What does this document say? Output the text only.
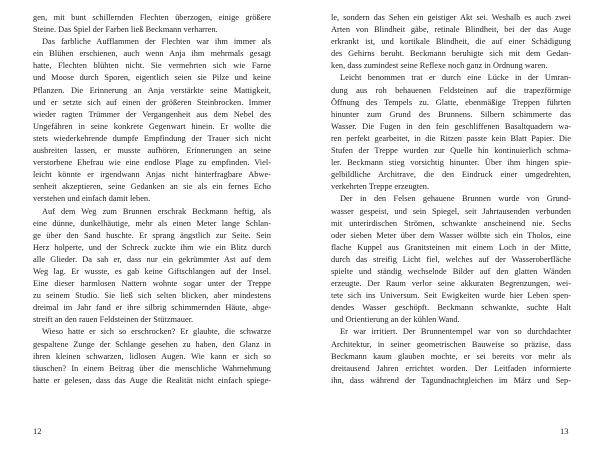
gen, mit bunt schillernden Flechten überzogen, einige größere
Steine. Das Spiel der Farben ließ Beckmann verharren.
Das farbliche Aufflammen der Flechten war ihm immer als
ein Blühen erschienen, auch wenn Anja ihm mehrmals gesagt
hatte, Flechten blühten nicht. Sie vermehrten sich wie Farne
und Moose durch Sporen, eigentlich seien sie Pilze und keine
Pflanzen. Die Erinnerung an Anja verstärkte seine Mattigkeit,
und er setzte sich auf einen der größeren Steinbrocken. Immer
wieder ragten Trümmer der Vergangenheit aus dem Nebel des
Ungefähren in seine konkrete Gegenwart hinein. Er wollte die
stets wiederkehrende dumpfe Empfindung der Trauer sich nicht
ausbreiten lassen, er musste aufhören, Erinnerungen an seine
verstorbene Ehefrau wie eine endlose Plage zu empfinden. Viel-
leicht könnte er irgendwann Anjas nicht hinterfragbare Abwe-
senheit akzeptieren, seine Gedanken an sie als ein fernes Echo
verstehen und einfach damit leben.
Auf dem Weg zum Brunnen erschrak Beckmann heftig, als
eine dünne, dunkelhäutige, mehr als einen Meter lange Schlan-
ge über den Sand huschte. Er sprang ängstlich zur Seite. Sein
Herz holperte, und der Schreck zuckte ihm wie ein Blitz durch
alle Glieder. Da sah er, dass nur ein gekrümmter Ast auf dem
Weg lag. Er wusste, es gab keine Giftschlangen auf der Insel.
Eine dieser harmlosen Nattern wohnte sogar unter der Treppe
zu seinem Studio. Sie ließ sich selten blicken, aber mindestens
dreimal im Jahr fand er ihre silbrig schimmernden Häute, abge-
streift an den rauen Feldsteinen der Stützmauer.
Wieso hatte er sich so erschrocken? Er glaubte, die schwarze
gespaltene Zunge der Schlange gesehen zu haben, den Glanz in
ihren kleinen schwarzen, lidlosen Augen. Wie kann er sich so
täuschen? In einem Beitrag über die menschliche Wahrnehmung
hatte er gelesen, dass das Auge die Realität nicht einfach spiege-
12
le, sondern das Sehen ein geistiger Akt sei. Weshalb es auch zwei
Arten von Blindheit gäbe, retinale Blindheit, bei der das Auge
erkrankt ist, und kortikale Blindheit, die auf einer Schädigung
des Gehirns beruht. Beckmann beruhigte sich mit dem Gedan-
ken, dass zumindest seine Reflexe noch ganz in Ordnung waren.
Leicht benommen trat er durch eine Lücke in der Umran-
dung aus roh behauenen Feldsteinen auf die trapezförmige
Öffnung des Tempels zu. Glatte, ebenmäßige Treppen führten
hinunter zum Grund des Brunnens. Silbern schimmerte das
Wasser. Die Fugen in den fein geschliffenen Basaltquadern wa-
ren perfekt gearbeitet, in die Ritzen passte kein Blatt Papier. Die
Stufen der Treppe wurden zur Quelle hin kontinuierlich schma-
ler. Beckmann stieg vorsichtig hinunter. Über ihm hingen spie-
gelbildliche Architrave, die den Eindruck einer umgedrehten,
verkehrten Treppe erzeugten.
Der in den Felsen gehauene Brunnen wurde von Grund-
wasser gespeist, und sein Spiegel, seit Jahrtausenden verbunden
mit unterirdischen Strömen, schwankte anscheinend nie. Sechs
oder sieben Meter über dem Wasser wölbte sich ein Tholos, eine
flache Kuppel aus Granitsteinen mit einem Loch in der Mitte,
durch das streifig Licht fiel, welches auf der Wasseroberfläche
spielte und ständig wechselnde Bilder auf den glatten Wänden
erzeugte. Der Raum verlor seine akkuraten Begrenzungen, wei-
tete sich ins Universum. Seit Ewigkeiten wurde hier Leben spen-
dendes Wasser geschöpft. Beckmann schwankte, suchte Halt
und Orientierung an der kühlen Wand.
Er war irritiert. Der Brunnentempel war von so durchdachter
Architektur, in seiner geometrischen Bauweise so präzise, dass
Beckmann kaum glauben mochte, er sei bereits vor mehr als
dreitausend Jahren errichtet worden. Der Leitfaden informierte
ihn, dass während der Tagundnachtgleichen im März und Sep-
13
